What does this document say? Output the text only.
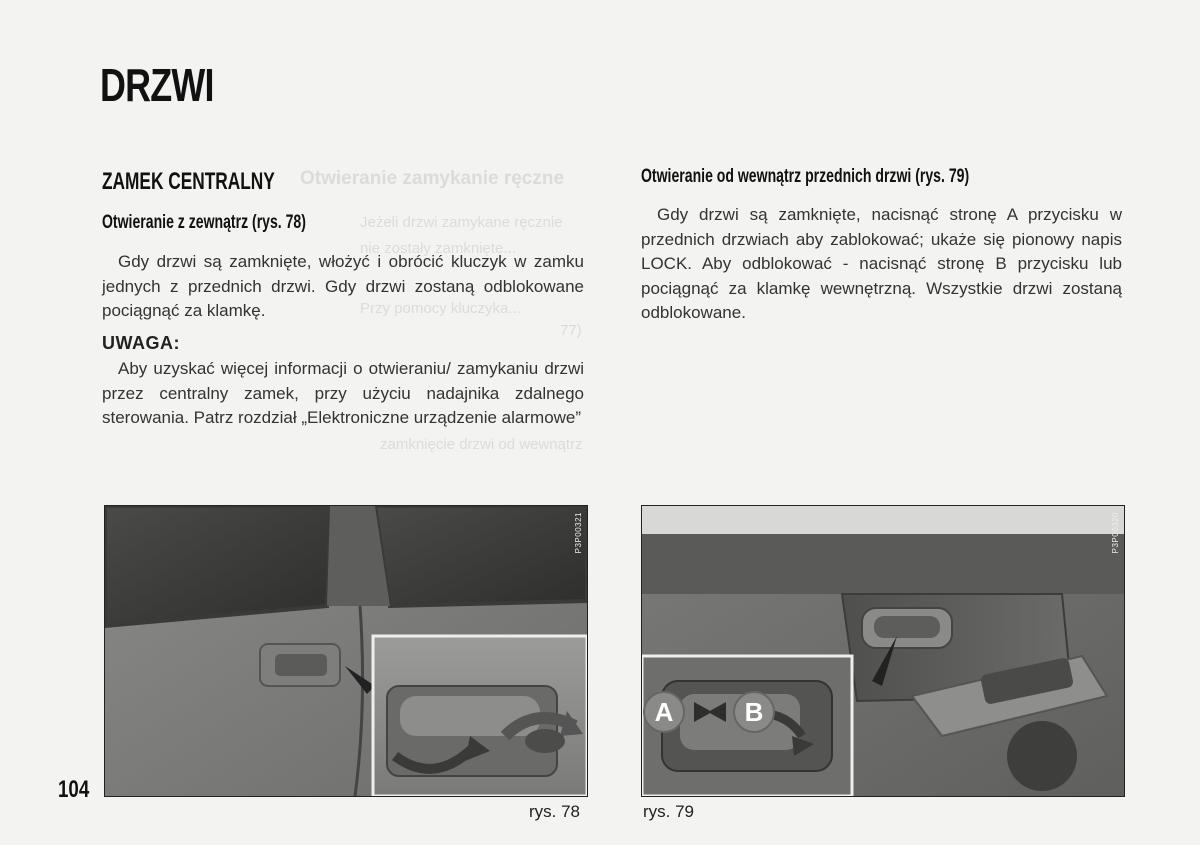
DRZWI
Otwieranie zamykanie ręczne
Jeżeli drzwi zamykane ręcznie
nie zostały zamknięte...
Przy pomocy kluczyka...
77)
zamknięcie drzwi od wewnątrz
ZAMEK CENTRALNY
Otwieranie z zewnątrz (rys. 78)
Gdy drzwi są zamknięte, włożyć i obrócić kluczyk w zamku jednych z przednich drzwi. Gdy drzwi zostaną odblokowane pociągnąć za klamkę.
UWAGA:
Aby uzyskać więcej informacji o otwieraniu/ zamykaniu drzwi przez centralny zamek, przy użyciu nadajnika zdalnego sterowania. Patrz rozdział „Elektroniczne urządzenie alarmowe”
Otwieranie od wewnątrz przednich drzwi (rys. 79)
Gdy drzwi są zamknięte, nacisnąć stronę A przycisku w przednich drzwiach aby zablokować; ukaże się pionowy napis LOCK. Aby odblokować - nacisnąć stronę B przycisku lub pociągnąć za klamkę wewnętrzną. Wszystkie drzwi zostaną odblokowane.
P3P00321
rys. 78
A	B
P3P00320
rys. 79
104
